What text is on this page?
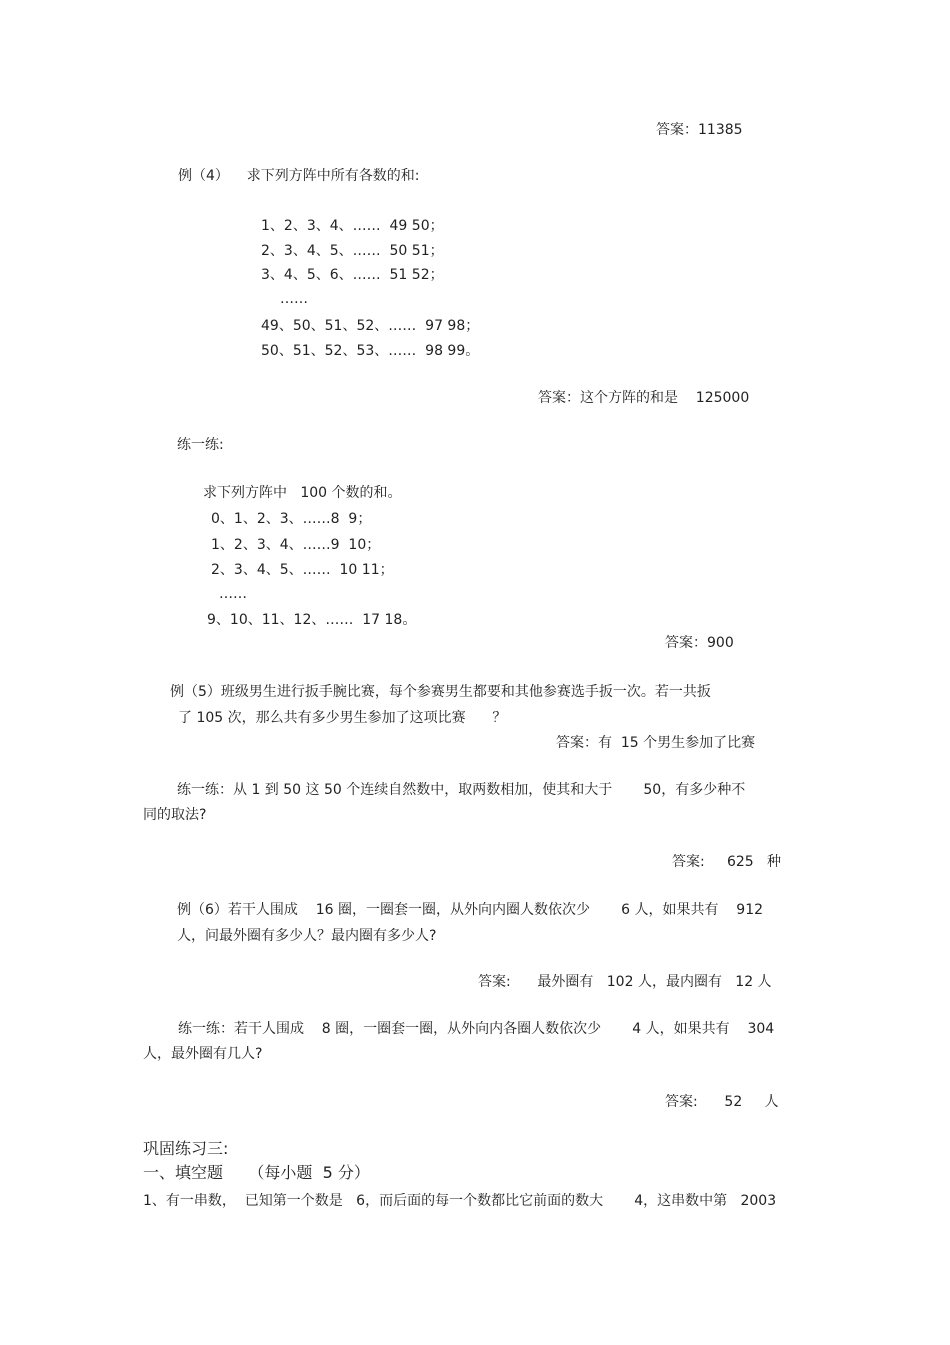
答案：11385
例（4）    求下列方阵中所有各数的和:
1、2、3、4、……  49 50；
2、3、4、5、……  50 51；
3、4、5、6、……  51 52；
……
49、50、51、52、……  97 98；
50、51、52、53、……  98 99。
答案：这个方阵的和是    125000
练一练:
求下列方阵中   100 个数的和。
0、1、2、3、……8  9；
1、2、3、4、……9  10；
2、3、4、5、……  10 11；
……
9、10、11、12、……  17 18。
答案：900
例（5）班级男生进行扳手腕比赛，每个参赛男生都要和其他参赛选手扳一次。若一共扳
了 105 次，那么共有多少男生参加了这项比赛      ？
答案：有  15 个男生参加了比赛
练一练：从 1 到 50 这 50 个连续自然数中，取两数相加，使其和大于       50，有多少种不
同的取法?
答案:     625   种
例（6）若干人围成    16 圈，一圈套一圈，从外向内圈人数依次少       6 人，如果共有    912
人，问最外圈有多少人？最内圈有多少人?
答案:      最外圈有   102 人，最内圈有   12 人
练一练：若干人围成    8 圈，一圈套一圈，从外向内各圈人数依次少       4 人，如果共有    304
人，最外圈有几人?
答案:      52     人
巩固练习三:
一、填空题     （每小题  5 分）
1、有一串数，  已知第一个数是   6，而后面的每一个数都比它前面的数大       4，这串数中第   2003
